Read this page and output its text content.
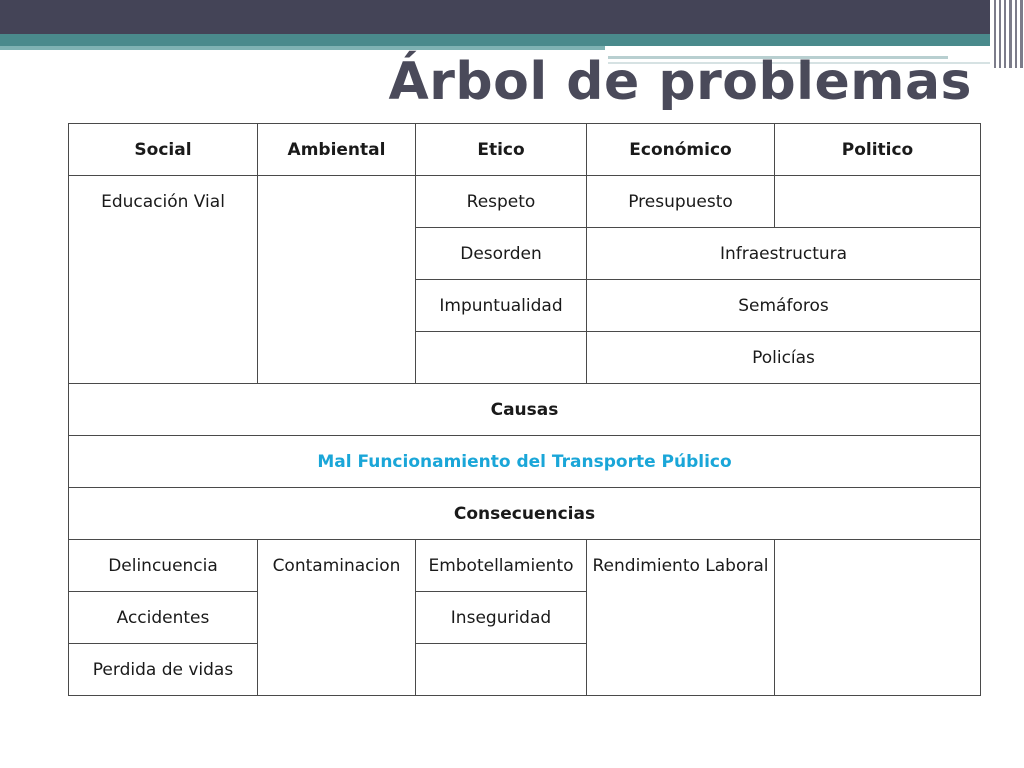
Árbol de problemas
Social	Ambiental	Etico	Económico	Politico
Educación Vial		Respeto	Presupuesto	
		Desorden	Infraestructura	
		Impuntualidad	Semáforos	
			Policías	
Causas				
Mal Funcionamiento del Transporte Público				
Consecuencias				
Delincuencia	Contaminacion	Embotellamiento	Rendimiento Laboral	
Accidentes		Inseguridad		
Perdida de vidas				
